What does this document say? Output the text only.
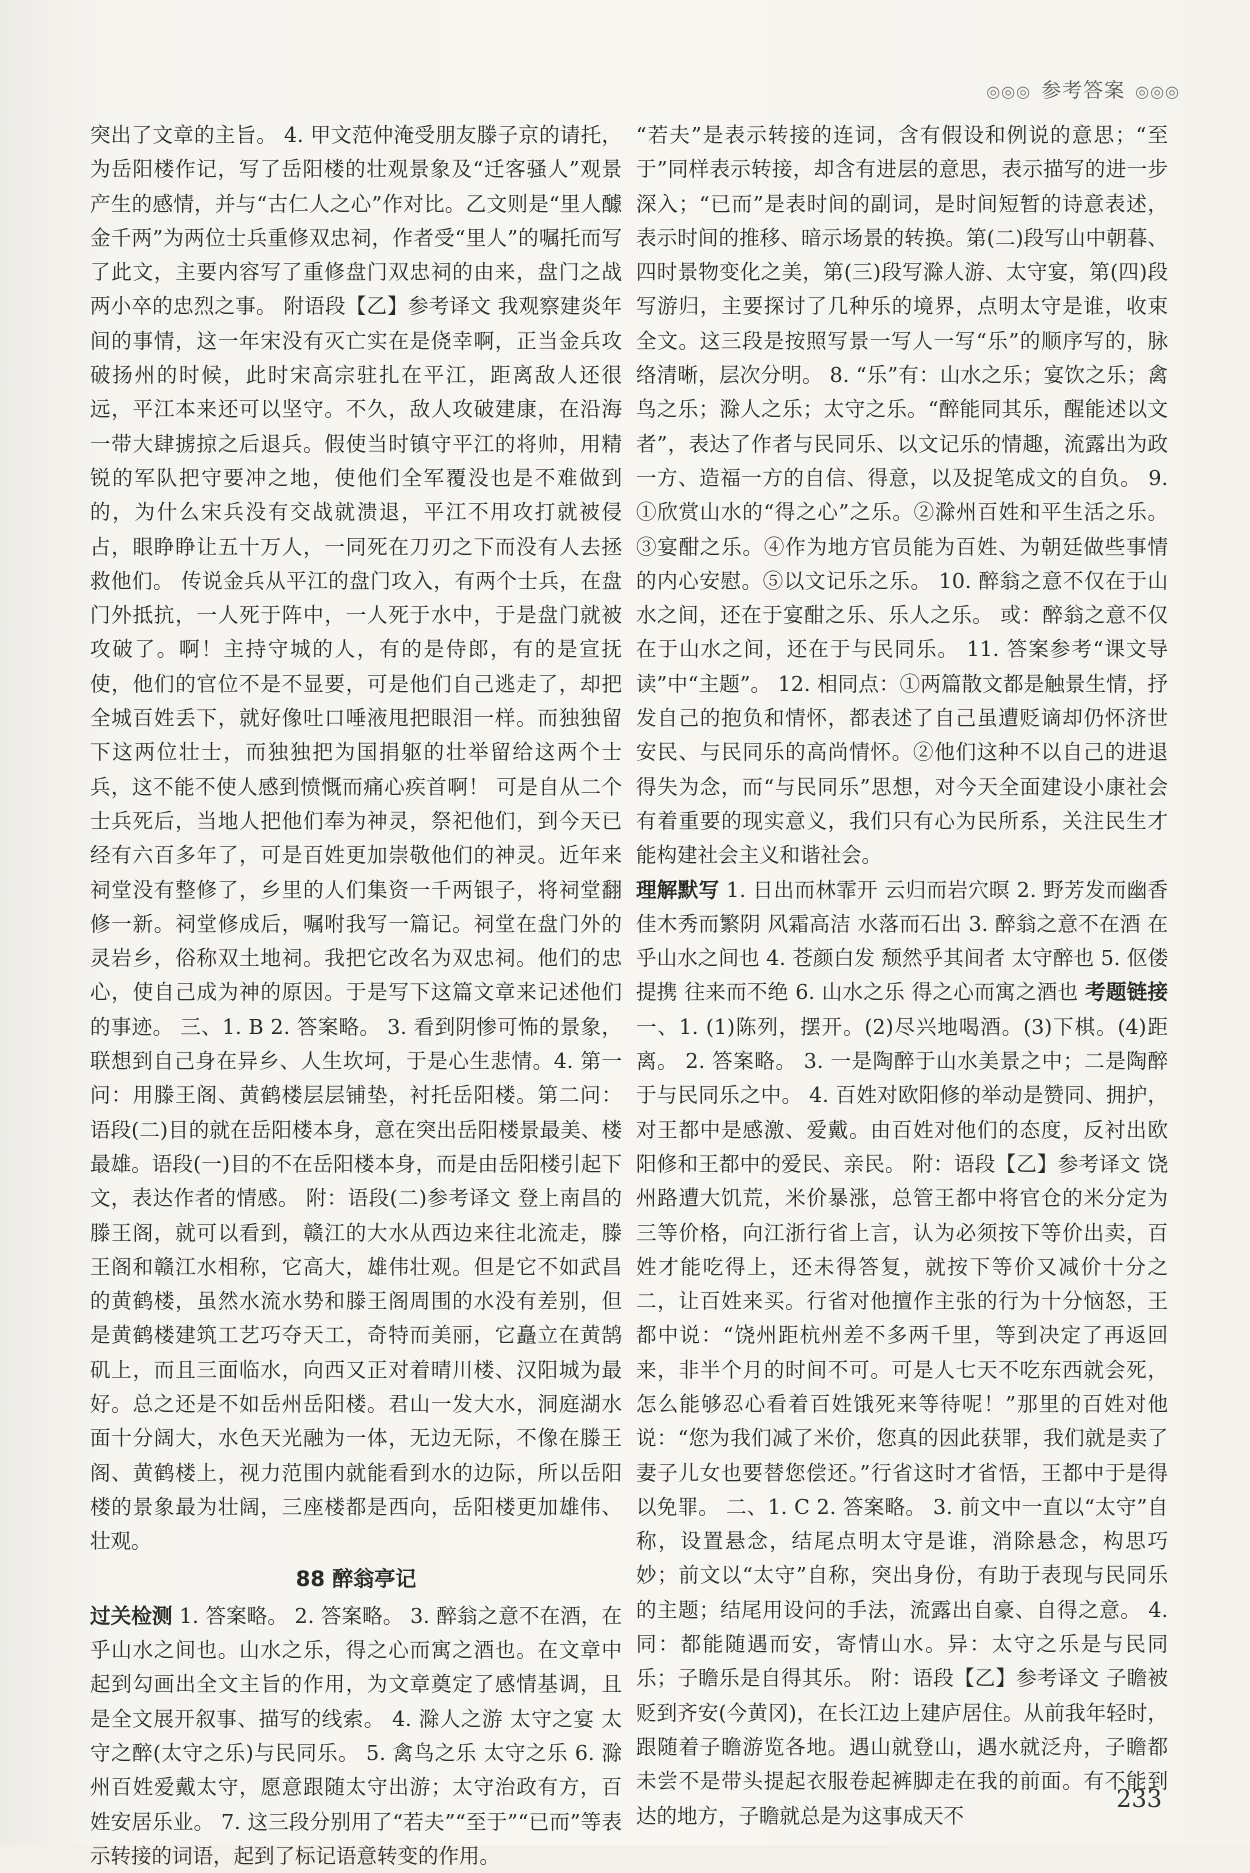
◎◎◎ 参考答案 ◎◎◎

突出了文章的主旨。 4. 甲文范仲淹受朋友滕子京的请托，为岳阳楼作记，写了岳阳楼的壮观景象及“迁客骚人”观景产生的感情，并与“古仁人之心”作对比。乙文则是“里人醵金千两”为两位士兵重修双忠祠，作者受“里人”的嘱托而写了此文，主要内容写了重修盘门双忠祠的由来，盘门之战两小卒的忠烈之事。 附语段【乙】参考译文 我观察建炎年间的事情，这一年宋没有灭亡实在是侥幸啊，正当金兵攻破扬州的时候，此时宋高宗驻扎在平江，距离敌人还很远，平江本来还可以坚守。不久，敌人攻破建康，在沿海一带大肆掳掠之后退兵。假使当时镇守平江的将帅，用精锐的军队把守要冲之地，使他们全军覆没也是不难做到的，为什么宋兵没有交战就溃退，平江不用攻打就被侵占，眼睁睁让五十万人，一同死在刀刃之下而没有人去拯救他们。 传说金兵从平江的盘门攻入，有两个士兵，在盘门外抵抗，一人死于阵中，一人死于水中，于是盘门就被攻破了。啊！主持守城的人，有的是侍郎，有的是宣抚使，他们的官位不是不显要，可是他们自己逃走了，却把全城百姓丢下，就好像吐口唾液甩把眼泪一样。而独独留下这两位壮士，而独独把为国捐躯的壮举留给这两个士兵，这不能不使人感到愤慨而痛心疾首啊！ 可是自从二个士兵死后，当地人把他们奉为神灵，祭祀他们，到今天已经有六百多年了，可是百姓更加崇敬他们的神灵。近年来祠堂没有整修了，乡里的人们集资一千两银子，将祠堂翻修一新。祠堂修成后，嘱咐我写一篇记。祠堂在盘门外的灵岩乡，俗称双土地祠。我把它改名为双忠祠。他们的忠心，使自己成为神的原因。于是写下这篇文章来记述他们的事迹。 三、1. B 2. 答案略。 3. 看到阴惨可怖的景象，联想到自己身在异乡、人生坎坷，于是心生悲情。4. 第一问：用滕王阁、黄鹤楼层层铺垫，衬托岳阳楼。第二问：语段(二)目的就在岳阳楼本身，意在突出岳阳楼景最美、楼最雄。语段(一)目的不在岳阳楼本身，而是由岳阳楼引起下文，表达作者的情感。 附：语段(二)参考译文 登上南昌的滕王阁，就可以看到，赣江的大水从西边来往北流走，滕王阁和赣江水相称，它高大，雄伟壮观。但是它不如武昌的黄鹤楼，虽然水流水势和滕王阁周围的水没有差别，但是黄鹤楼建筑工艺巧夺天工，奇特而美丽，它矗立在黄鹄矶上，而且三面临水，向西又正对着晴川楼、汉阳城为最好。总之还是不如岳州岳阳楼。君山一发大水，洞庭湖水面十分阔大，水色天光融为一体，无边无际，不像在滕王阁、黄鹤楼上，视力范围内就能看到水的边际，所以岳阳楼的景象最为壮阔，三座楼都是西向，岳阳楼更加雄伟、壮观。

88 醉翁亭记

过关检测 1. 答案略。 2. 答案略。 3. 醉翁之意不在酒，在乎山水之间也。山水之乐，得之心而寓之酒也。在文章中起到勾画出全文主旨的作用，为文章奠定了感情基调，且是全文展开叙事、描写的线索。 4. 滁人之游 太守之宴 太守之醉(太守之乐)与民同乐。 5. 禽鸟之乐 太守之乐 6. 滁州百姓爱戴太守，愿意跟随太守出游；太守治政有方，百姓安居乐业。 7. 这三段分别用了“若夫”“至于”“已而”等表示转接的词语，起到了标记语意转变的作用。

“若夫”是表示转接的连词，含有假设和例说的意思；“至于”同样表示转接，却含有进层的意思，表示描写的进一步深入；“已而”是表时间的副词，是时间短暂的诗意表述，表示时间的推移、暗示场景的转换。第(二)段写山中朝暮、四时景物变化之美，第(三)段写滁人游、太守宴，第(四)段写游归，主要探讨了几种乐的境界，点明太守是谁，收束全文。这三段是按照写景一写人一写“乐”的顺序写的，脉络清晰，层次分明。 8. “乐”有：山水之乐；宴饮之乐；禽鸟之乐；滁人之乐；太守之乐。“醉能同其乐，醒能述以文者”，表达了作者与民同乐、以文记乐的情趣，流露出为政一方、造福一方的自信、得意，以及捉笔成文的自负。 9. ①欣赏山水的“得之心”之乐。②滁州百姓和平生活之乐。③宴酣之乐。④作为地方官员能为百姓、为朝廷做些事情的内心安慰。⑤以文记乐之乐。 10. 醉翁之意不仅在于山水之间，还在于宴酣之乐、乐人之乐。 或：醉翁之意不仅在于山水之间，还在于与民同乐。 11. 答案参考“课文导读”中“主题”。 12. 相同点：①两篇散文都是触景生情，抒发自己的抱负和情怀，都表述了自己虽遭贬谪却仍怀济世安民、与民同乐的高尚情怀。②他们这种不以自己的进退得失为念，而“与民同乐”思想，对今天全面建设小康社会有着重要的现实意义，我们只有心为民所系，关注民生才能构建社会主义和谐社会。

理解默写 1. 日出而林霏开 云归而岩穴暝 2. 野芳发而幽香 佳木秀而繁阴 风霜高洁 水落而石出 3. 醉翁之意不在酒 在乎山水之间也 4. 苍颜白发 颓然乎其间者 太守醉也 5. 伛偻提携 往来而不绝 6. 山水之乐 得之心而寓之酒也 考题链接 一、1. (1)陈列，摆开。(2)尽兴地喝酒。(3)下棋。(4)距离。 2. 答案略。 3. 一是陶醉于山水美景之中；二是陶醉于与民同乐之中。 4. 百姓对欧阳修的举动是赞同、拥护，对王都中是感激、爱戴。由百姓对他们的态度，反衬出欧阳修和王都中的爱民、亲民。 附：语段【乙】参考译文 饶州路遭大饥荒，米价暴涨，总管王都中将官仓的米分定为三等价格，向江浙行省上言，认为必须按下等价出卖，百姓才能吃得上，还未得答复，就按下等价又减价十分之二，让百姓来买。行省对他擅作主张的行为十分恼怒，王都中说：“饶州距杭州差不多两千里，等到决定了再返回来，非半个月的时间不可。可是人七天不吃东西就会死，怎么能够忍心看着百姓饿死来等待呢！”那里的百姓对他说：“您为我们减了米价，您真的因此获罪，我们就是卖了妻子儿女也要替您偿还。”行省这时才省悟，王都中于是得以免罪。 二、1. C 2. 答案略。 3. 前文中一直以“太守”自称，设置悬念，结尾点明太守是谁，消除悬念，构思巧妙；前文以“太守”自称，突出身份，有助于表现与民同乐的主题；结尾用设问的手法，流露出自豪、自得之意。 4. 同：都能随遇而安，寄情山水。异：太守之乐是与民同乐；子瞻乐是自得其乐。 附：语段【乙】参考译文 子瞻被贬到齐安(今黄冈)，在长江边上建庐居住。从前我年轻时，跟随着子瞻游览各地。遇山就登山，遇水就泛舟，子瞻都未尝不是带头提起衣服卷起裤脚走在我的前面。有不能到达的地方，子瞻就总是为这事成天不

233
